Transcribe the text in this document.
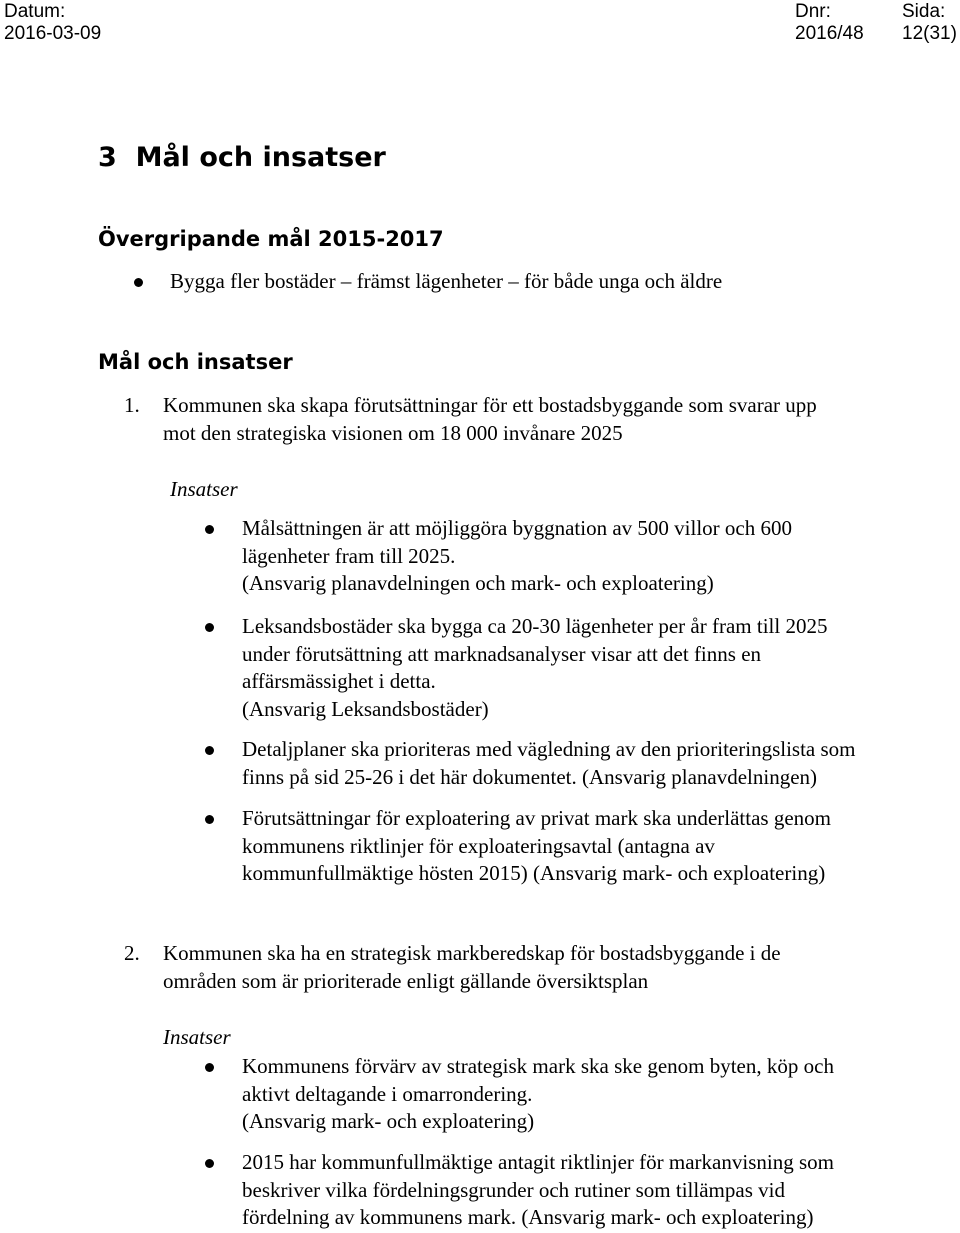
Datum:
2016-03-09
Dnr:
2016/48
Sida:
12(31)
3  Mål och insatser
Övergripande mål 2015-2017
Bygga fler bostäder – främst lägenheter – för både unga och äldre
Mål och insatser
1. Kommunen ska skapa förutsättningar för ett bostadsbyggande som svarar upp
mot den strategiska visionen om 18 000 invånare 2025
Insatser
Målsättningen är att möjliggöra byggnation av 500 villor och 600
lägenheter fram till 2025.
(Ansvarig planavdelningen och mark- och exploatering)
Leksandsbostäder ska bygga ca 20-30 lägenheter per år fram till 2025
under förutsättning att marknadsanalyser visar att det finns en
affärsmässighet i detta.
(Ansvarig Leksandsbostäder)
Detaljplaner ska prioriteras med vägledning av den prioriteringslista som
finns på sid 25-26 i det här dokumentet. (Ansvarig planavdelningen)
Förutsättningar för exploatering av privat mark ska underlättas genom
kommunens riktlinjer för exploateringsavtal (antagna av
kommunfullmäktige hösten 2015) (Ansvarig mark- och exploatering)
2. Kommunen ska ha en strategisk markberedskap för bostadsbyggande i de
områden som är prioriterade enligt gällande översiktsplan
Insatser
Kommunens förvärv av strategisk mark ska ske genom byten, köp och
aktivt deltagande i omarrondering.
(Ansvarig mark- och exploatering)
2015 har kommunfullmäktige antagit riktlinjer för markanvisning som
beskriver vilka fördelningsgrunder och rutiner som tillämpas vid
fördelning av kommunens mark. (Ansvarig mark- och exploatering)
